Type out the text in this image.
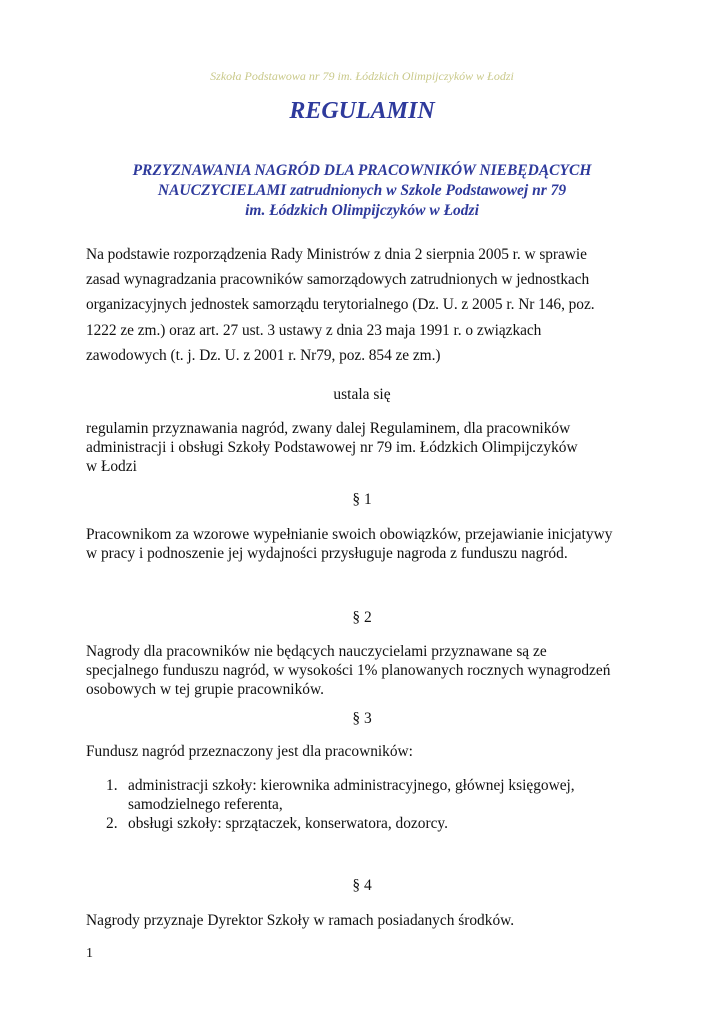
Szkoła Podstawowa nr 79 im. Łódzkich Olimpijczyków w Łodzi
REGULAMIN
PRZYZNAWANIA NAGRÓD DLA PRACOWNIKÓW NIEBĘDĄCYCH
NAUCZYCIELAMI zatrudnionych w Szkole Podstawowej nr 79
im. Łódzkich Olimpijczyków w Łodzi
Na podstawie rozporządzenia Rady Ministrów z dnia 2 sierpnia 2005 r. w sprawie
zasad wynagradzania pracowników samorządowych zatrudnionych w jednostkach
organizacyjnych jednostek samorządu terytorialnego (Dz. U. z 2005 r. Nr 146, poz.
1222 ze zm.) oraz art. 27 ust. 3 ustawy z dnia 23 maja 1991 r. o związkach
zawodowych (t. j. Dz. U. z 2001 r. Nr79, poz. 854 ze zm.)
ustala się
regulamin przyznawania nagród, zwany dalej Regulaminem, dla pracowników
administracji i obsługi Szkoły Podstawowej nr 79 im. Łódzkich Olimpijczyków
w Łodzi
§ 1
Pracownikom za wzorowe wypełnianie swoich obowiązków, przejawianie inicjatywy
w pracy i podnoszenie jej wydajności przysługuje nagroda z funduszu nagród.
§ 2
Nagrody dla pracowników nie będących nauczycielami przyznawane są ze
specjalnego funduszu nagród, w wysokości 1% planowanych rocznych wynagrodzeń
osobowych w tej grupie pracowników.
§ 3
Fundusz nagród przeznaczony jest dla pracowników:
1. administracji szkoły: kierownika administracyjnego, głównej księgowej,
samodzielnego referenta,
2. obsługi szkoły: sprzątaczek, konserwatora, dozorcy.
§ 4
Nagrody przyznaje Dyrektor Szkoły w ramach posiadanych środków.
1
